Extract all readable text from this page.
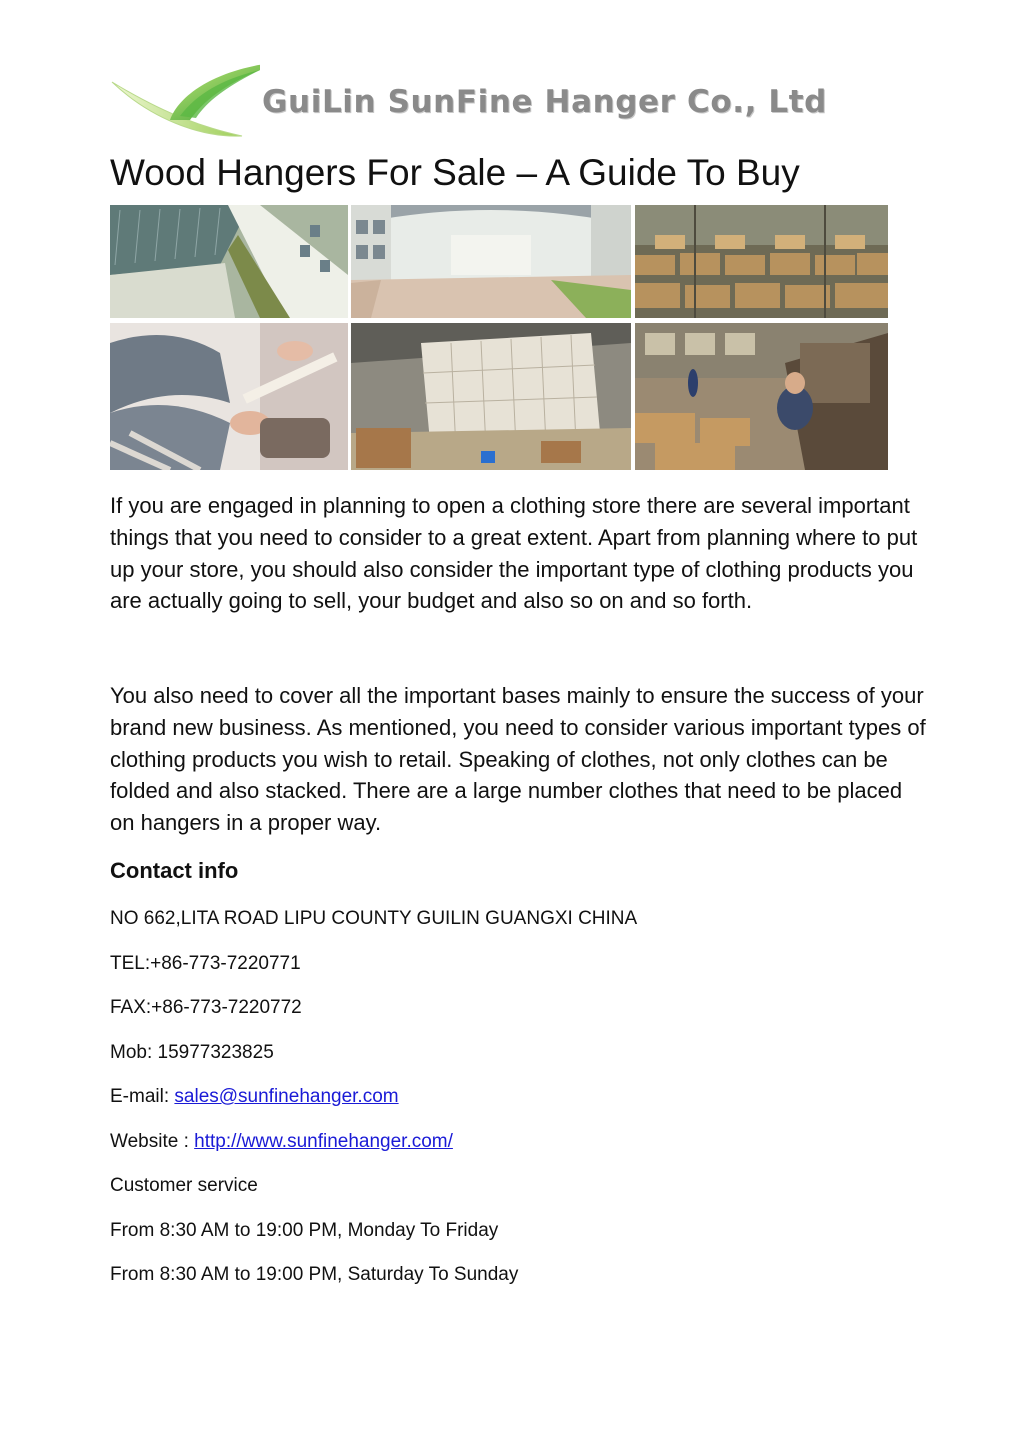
GuiLin SunFine Hanger Co., Ltd
Wood Hangers For Sale – A Guide To Buy

If you are engaged in planning to open a clothing store there are several important things that you need to consider to a great extent. Apart from planning where to put up your store, you should also consider the important type of clothing products you are actually going to sell, your budget and also so on and so forth.

You also need to cover all the important bases mainly to ensure the success of your brand new business. As mentioned, you need to consider various important types of clothing products you wish to retail. Speaking of clothes, not only clothes can be folded and also stacked. There are a large number clothes that need to be placed on hangers in a proper way.

Contact info

NO 662,LITA ROAD LIPU COUNTY GUILIN GUANGXI CHINA

TEL:+86-773-7220771

FAX:+86-773-7220772

Mob: 15977323825

E-mail: sales@sunfinehanger.com

Website : http://www.sunfinehanger.com/

Customer service

From 8:30 AM to 19:00 PM, Monday To Friday

From 8:30 AM to 19:00 PM, Saturday To Sunday
